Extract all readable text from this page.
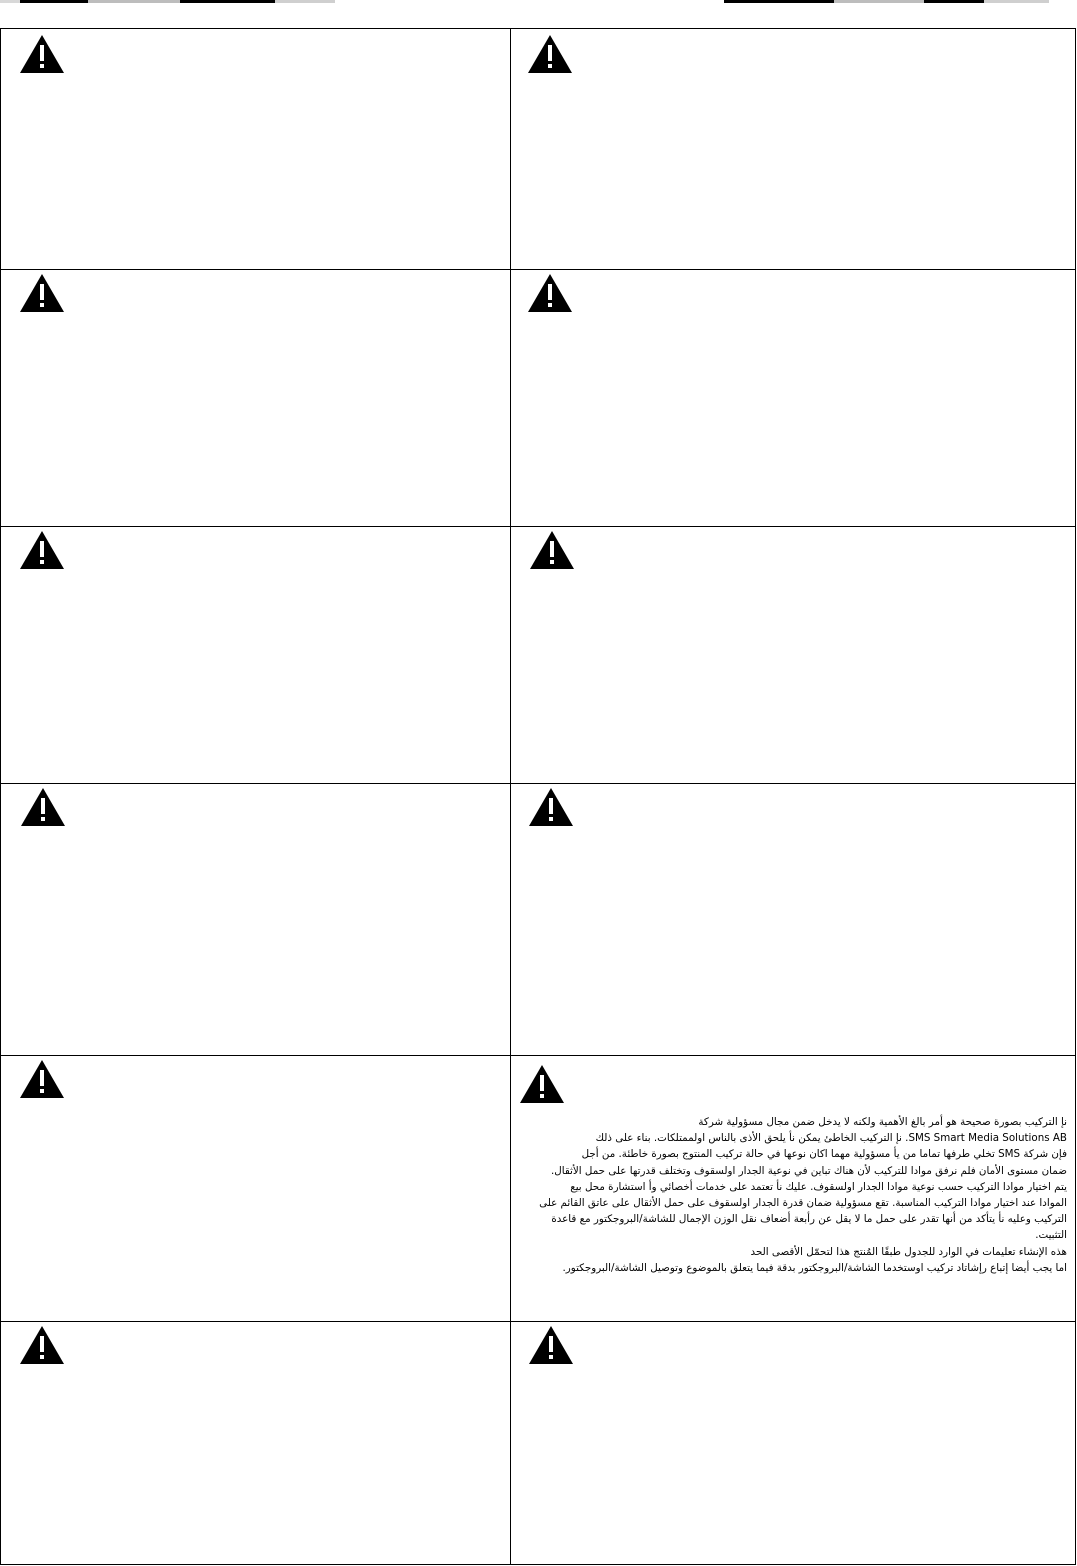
نإ التركيب بصورة صحيحة هو أمر بالغ الأهمية ولكنه لا يدخل ضمن مجال مسؤولية شركة

SMS Smart Media Solutions AB. نإ التركيب الخاطئ يمكن نأ يلحق الأذى بالناس اولممتلكات. بناء على ذلك

فإن شركة SMS تخلي طرفها تماما من يأ مسؤولية مهما اكان نوعها في حالة تركيب المنتوج بصورة خاطئة. من أجل

ضمان مستوى الأمان فلم نرفق موادا للتركيب لأن هناك تباين في نوعية الجدار اولسقوف وتختلف قدرتها على حمل الأثقال.

يتم اختيار موادا التركيب حسب نوعية موادا الجدار اولسقوف. عليك نأ تعتمد على خدمات أخصائي وأ استشارة محل بيع

الموادا عند اختيار موادا التركيب المناسبة. تقع مسؤولية ضمان قدرة الجدار اولسقوف على حمل الأثقال على عاتق القائم على

التركيب وعليه نأ يتأكد من أنها تقدر على حمل ما لا يقل عن رأبعة أضعاف نقل الوزن الإجمال للشاشة/البروجكتور مع قاعدة

التثبيت.

هذه الإنشاء تعليمات في الوارد للجدول طبقًا المُنتج هذا لتحمّل الأقصى الحد

اما يجب أيضا إتباع رإشاتاد تركيب اوستخدما الشاشة/البروجكتور بدقة فيما يتعلق بالموضوع وتوصيل الشاشة/البروجكتور.
